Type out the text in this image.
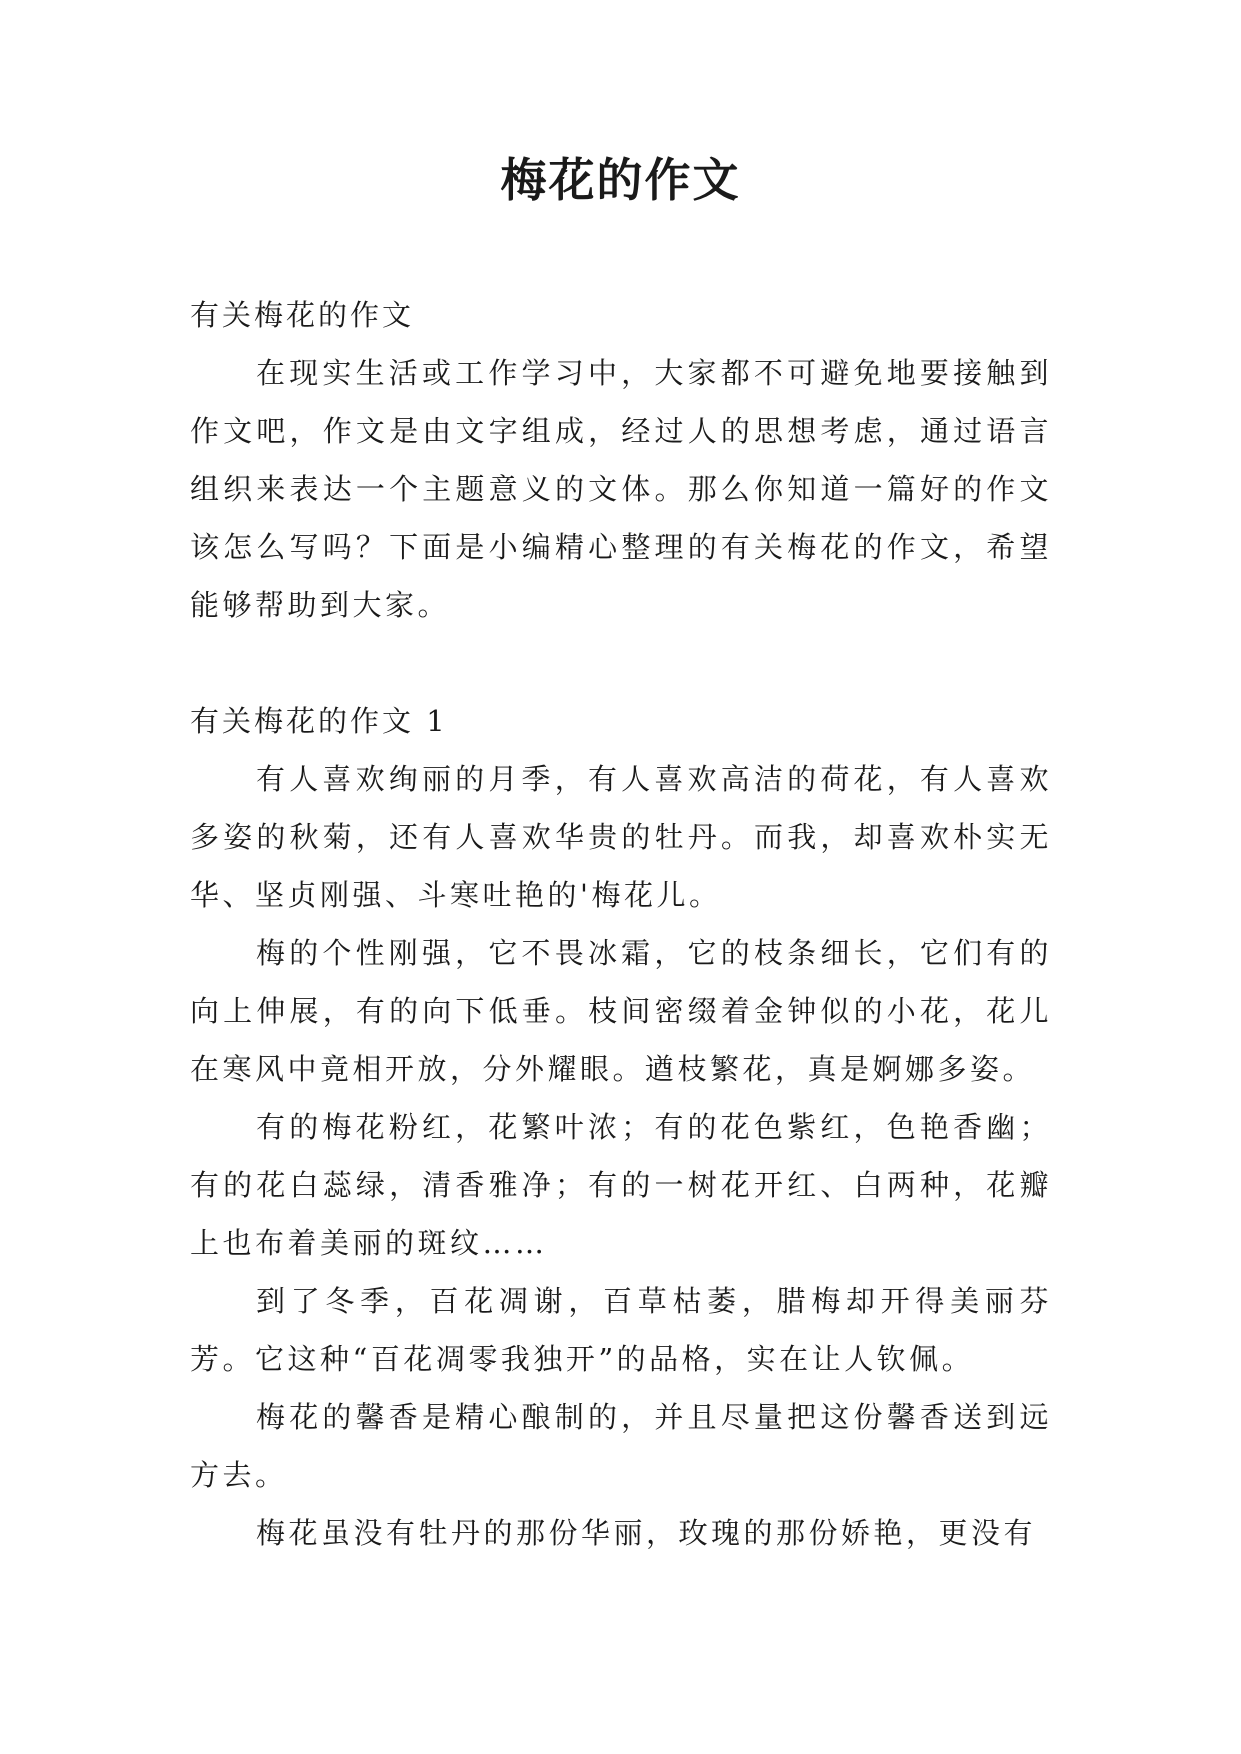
梅花的作文

有关梅花的作文

在现实生活或工作学习中，大家都不可避免地要接触到作文吧，作文是由文字组成，经过人的思想考虑，通过语言组织来表达一个主题意义的文体。那么你知道一篇好的作文该怎么写吗？下面是小编精心整理的有关梅花的作文，希望能够帮助到大家。

有关梅花的作文 1

有人喜欢绚丽的月季，有人喜欢高洁的荷花，有人喜欢多姿的秋菊，还有人喜欢华贵的牡丹。而我，却喜欢朴实无华、坚贞刚强、斗寒吐艳的'梅花儿。

梅的个性刚强，它不畏冰霜，它的枝条细长，它们有的向上伸展，有的向下低垂。枝间密缀着金钟似的小花，花儿在寒风中竟相开放，分外耀眼。遒枝繁花，真是婀娜多姿。

有的梅花粉红，花繁叶浓；有的花色紫红，色艳香幽；有的花白蕊绿，清香雅净；有的一树花开红、白两种，花瓣上也布着美丽的斑纹……

到了冬季，百花凋谢，百草枯萎，腊梅却开得美丽芬芳。它这种“百花凋零我独开”的品格，实在让人钦佩。

梅花的馨香是精心酿制的，并且尽量把这份馨香送到远方去。

梅花虽没有牡丹的那份华丽，玫瑰的那份娇艳，更没有
